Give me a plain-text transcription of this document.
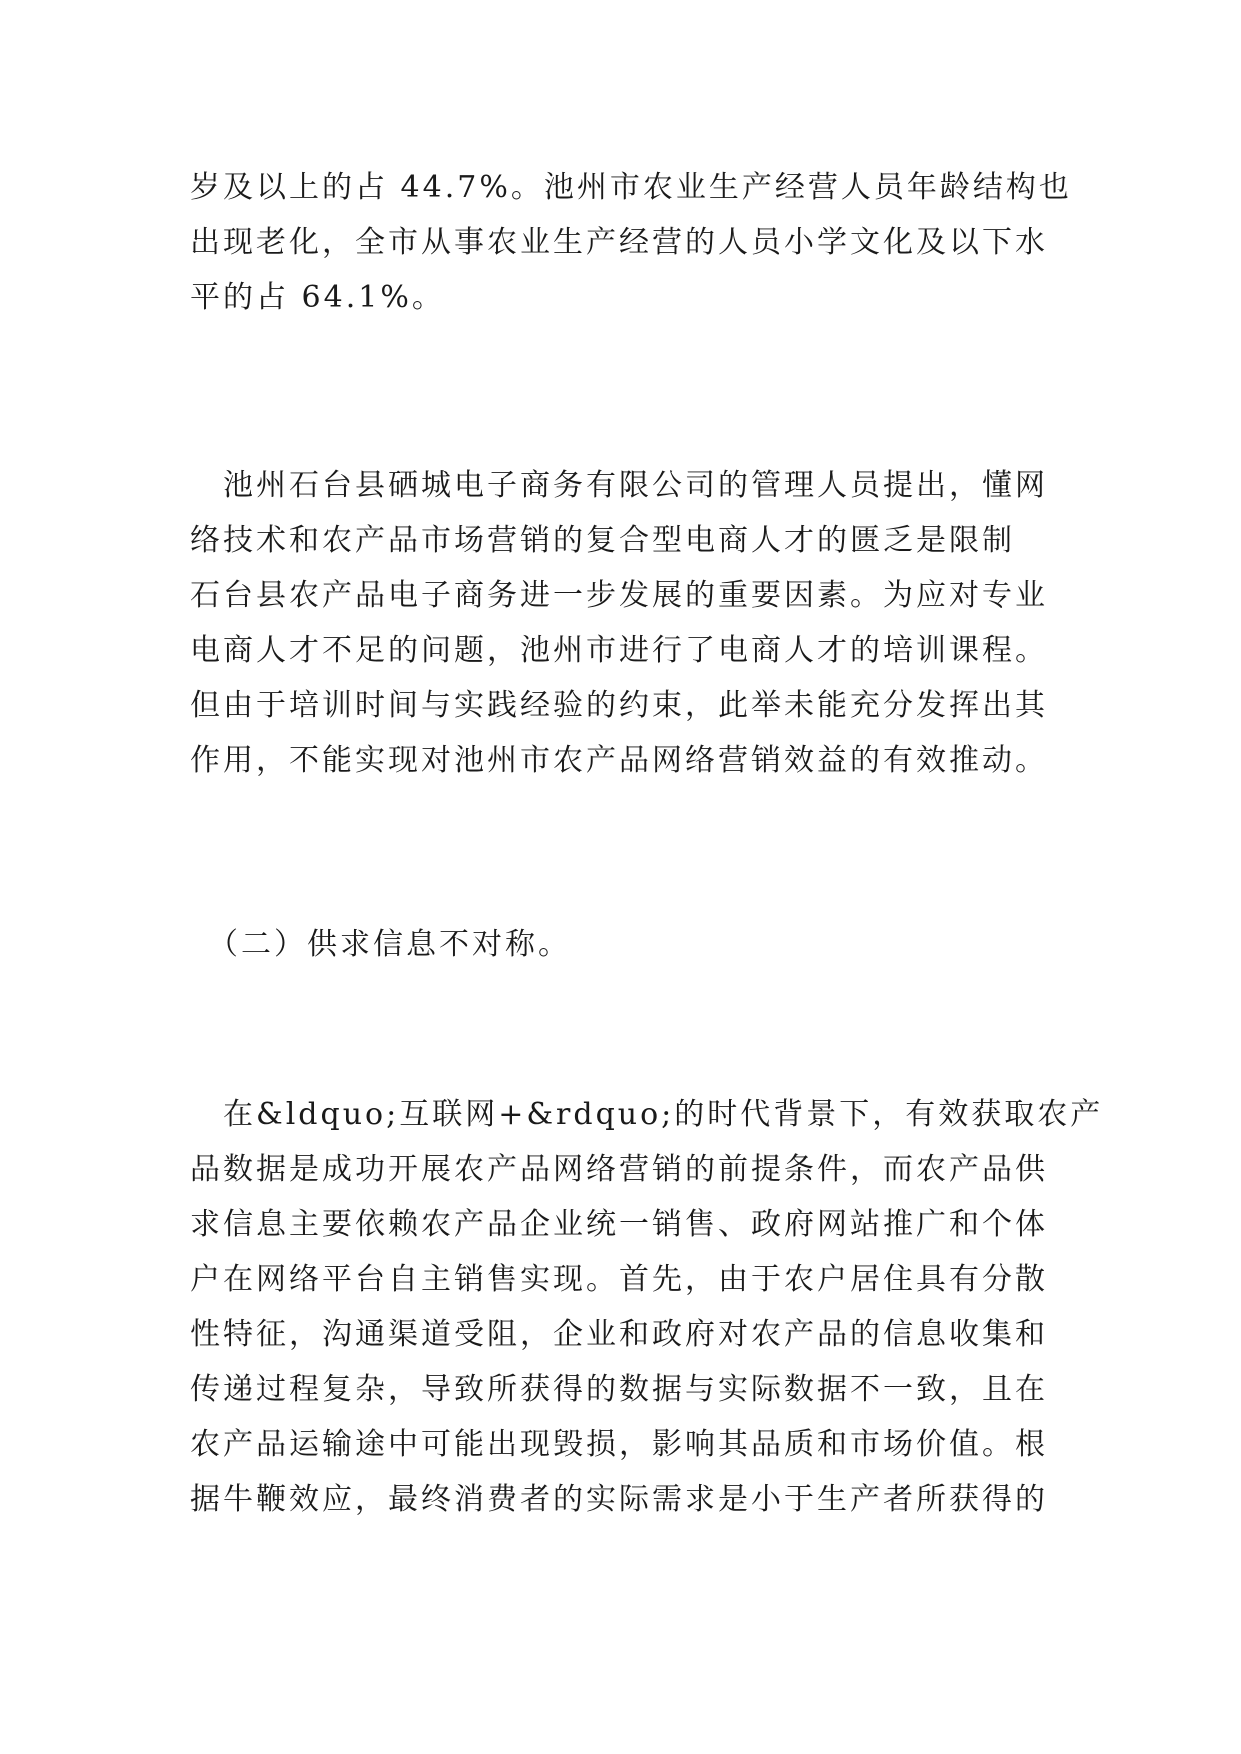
岁及以上的占 44.7%。池州市农业生产经营人员年龄结构也
出现老化，全市从事农业生产经营的人员小学文化及以下水
平的占 64.1%。
　池州石台县硒城电子商务有限公司的管理人员提出，懂网
络技术和农产品市场营销的复合型电商人才的匮乏是限制
石台县农产品电子商务进一步发展的重要因素。为应对专业
电商人才不足的问题，池州市进行了电商人才的培训课程。
但由于培训时间与实践经验的约束，此举未能充分发挥出其
作用，不能实现对池州市农产品网络营销效益的有效推动。
　（二）供求信息不对称。
　在&ldquo;互联网+&rdquo;的时代背景下，有效获取农产
品数据是成功开展农产品网络营销的前提条件，而农产品供
求信息主要依赖农产品企业统一销售、政府网站推广和个体
户在网络平台自主销售实现。首先，由于农户居住具有分散
性特征，沟通渠道受阻，企业和政府对农产品的信息收集和
传递过程复杂，导致所获得的数据与实际数据不一致，且在
农产品运输途中可能出现毁损，影响其品质和市场价值。根
据牛鞭效应，最终消费者的实际需求是小于生产者所获得的
